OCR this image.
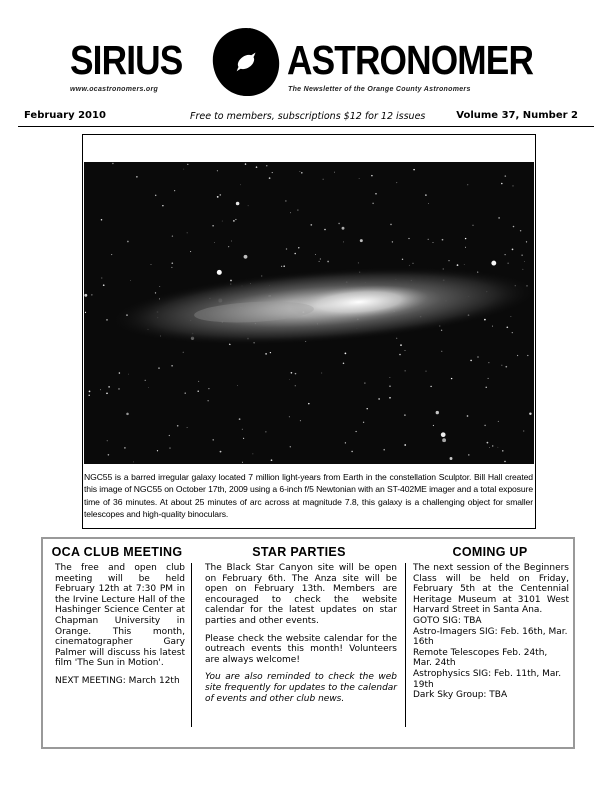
SIRIUS	ASTRONOMER
www.ocastronomers.org	The Newsletter of the Orange County Astronomers
February 2010	Free to members, subscriptions $12 for 12 issues	Volume 37, Number 2

NGC55 is a barred irregular galaxy located 7 million light-years from Earth in the constellation Sculptor. Bill Hall created this image of NGC55 on October 17th, 2009 using a 6-inch f/5 Newtonian with an ST-402ME imager and a total exposure time of 36 minutes. At about 25 minutes of arc across at magnitude 7.8, this galaxy is a challenging object for smaller telescopes and high-quality binoculars.

OCA CLUB MEETING

The free and open club meeting will be held February 12th at 7:30 PM in the Irvine Lecture Hall of the Hashinger Science Center at Chapman University in Orange. This month, cinematographer Gary Palmer will discuss his latest film 'The Sun in Motion'.

NEXT MEETING: March 12th

STAR PARTIES

The Black Star Canyon site will be open on February 6th. The Anza site will be open on February 13th. Members are encouraged to check the website calendar for the latest updates on star parties and other events.

Please check the website calendar for the outreach events this month! Volunteers are always welcome!

You are also reminded to check the web site frequently for updates to the calendar of events and other club news.

COMING UP

The next session of the Beginners Class will be held on Friday, February 5th at the Centennial Heritage Museum at 3101 West Harvard Street in Santa Ana.

GOTO SIG: TBA

Astro-Imagers SIG: Feb. 16th, Mar. 16th

Remote Telescopes Feb. 24th, Mar. 24th

Astrophysics SIG: Feb. 11th, Mar. 19th

Dark Sky Group: TBA
